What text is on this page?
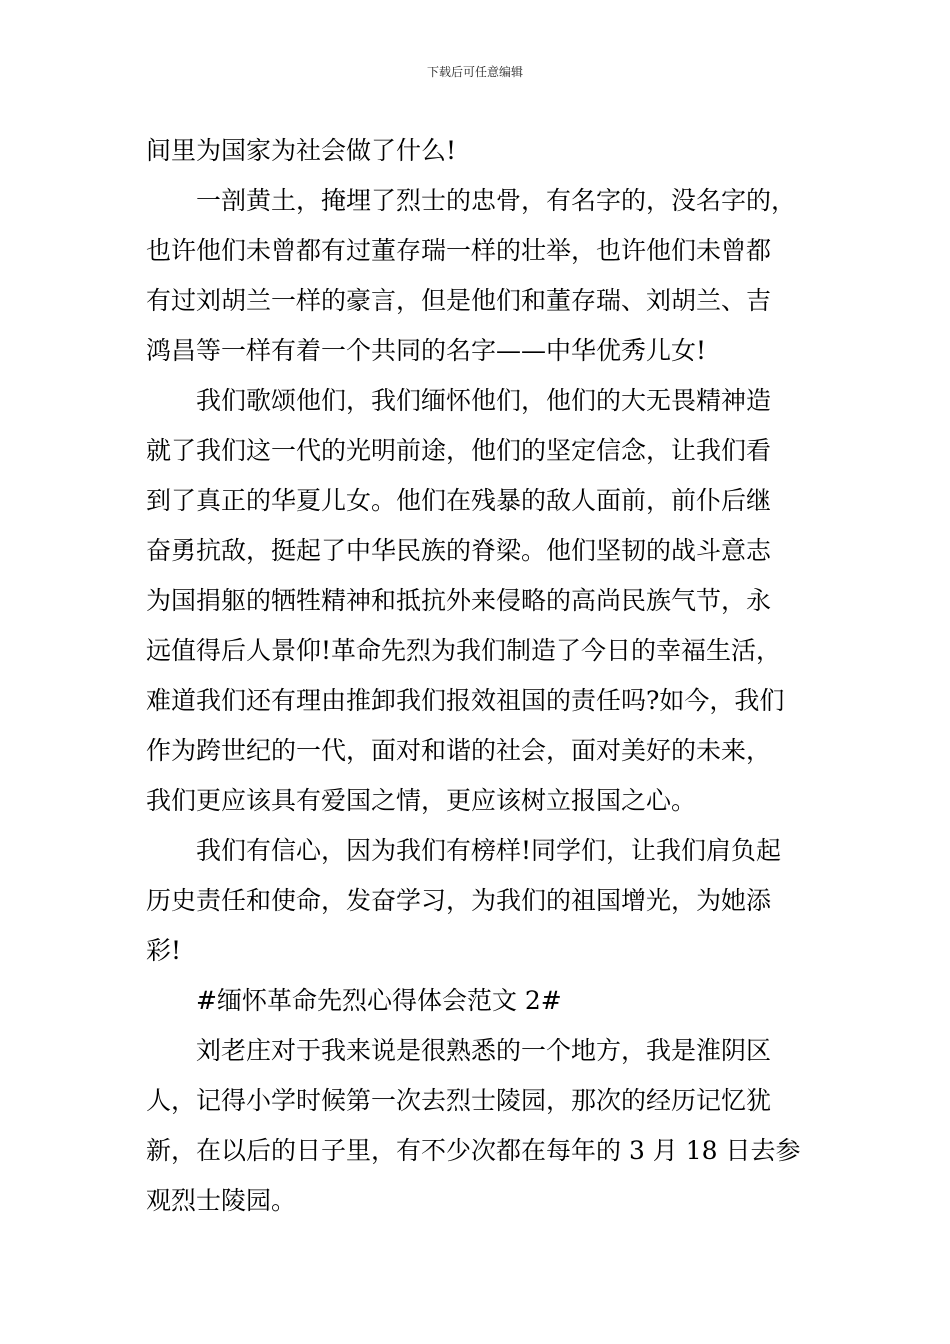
下载后可任意编辑
间里为国家为社会做了什么!
　　一剖黄土，掩埋了烈士的忠骨，有名字的，没名字的，
也许他们未曾都有过董存瑞一样的壮举，也许他们未曾都
有过刘胡兰一样的豪言，但是他们和董存瑞、刘胡兰、吉
鸿昌等一样有着一个共同的名字——中华优秀儿女!
　　我们歌颂他们，我们缅怀他们，他们的大无畏精神造
就了我们这一代的光明前途，他们的坚定信念，让我们看
到了真正的华夏儿女。他们在残暴的敌人面前，前仆后继
奋勇抗敌，挺起了中华民族的脊梁。他们坚韧的战斗意志
为国捐躯的牺牲精神和抵抗外来侵略的高尚民族气节，永
远值得后人景仰!革命先烈为我们制造了今日的幸福生活，
难道我们还有理由推卸我们报效祖国的责任吗?如今，我们
作为跨世纪的一代，面对和谐的社会，面对美好的未来，
我们更应该具有爱国之情，更应该树立报国之心。
　　我们有信心，因为我们有榜样!同学们，让我们肩负起
历史责任和使命，发奋学习，为我们的祖国增光，为她添
彩!
　　#缅怀革命先烈心得体会范文 2#
　　刘老庄对于我来说是很熟悉的一个地方，我是淮阴区
人，记得小学时候第一次去烈士陵园，那次的经历记忆犹
新，在以后的日子里，有不少次都在每年的 3 月 18 日去参
观烈士陵园。
